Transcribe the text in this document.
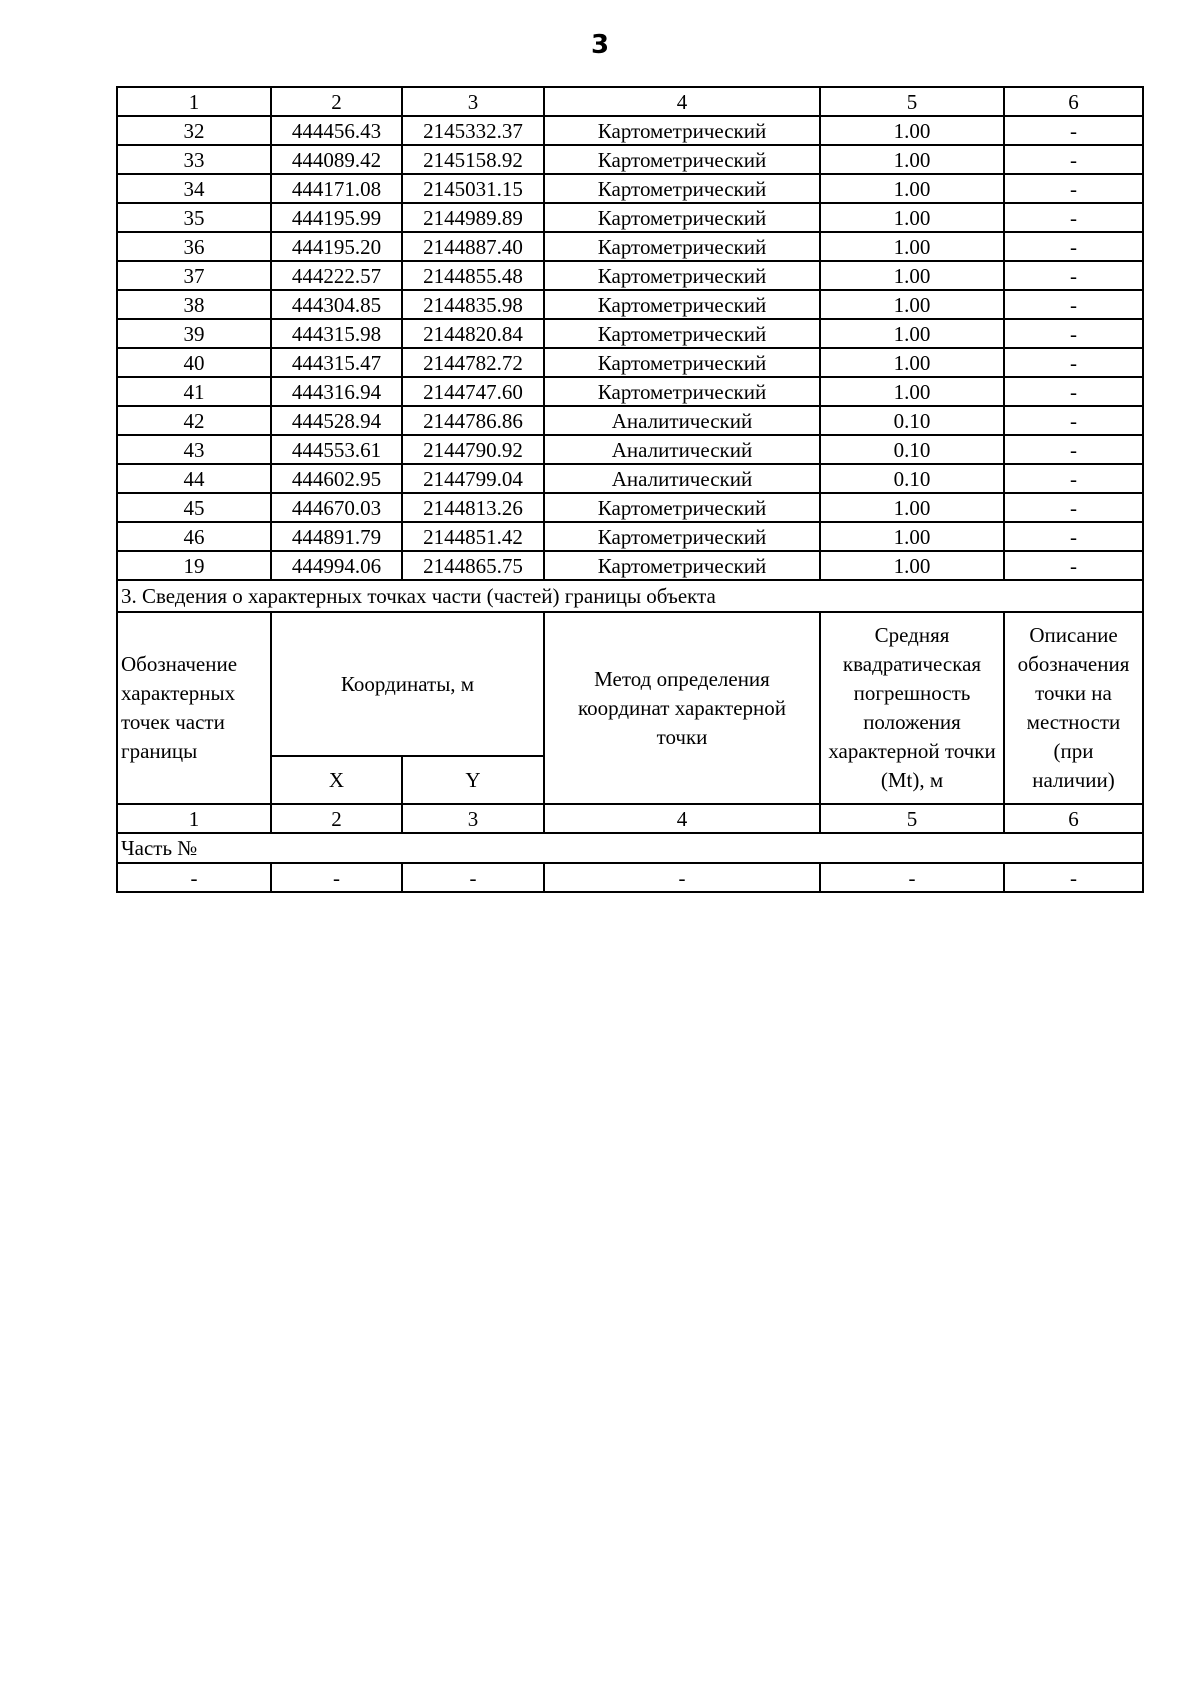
3
1	2	3	4	5	6
32	444456.43	2145332.37	Картометрический	1.00	-
33	444089.42	2145158.92	Картометрический	1.00	-
34	444171.08	2145031.15	Картометрический	1.00	-
35	444195.99	2144989.89	Картометрический	1.00	-
36	444195.20	2144887.40	Картометрический	1.00	-
37	444222.57	2144855.48	Картометрический	1.00	-
38	444304.85	2144835.98	Картометрический	1.00	-
39	444315.98	2144820.84	Картометрический	1.00	-
40	444315.47	2144782.72	Картометрический	1.00	-
41	444316.94	2144747.60	Картометрический	1.00	-
42	444528.94	2144786.86	Аналитический	0.10	-
43	444553.61	2144790.92	Аналитический	0.10	-
44	444602.95	2144799.04	Аналитический	0.10	-
45	444670.03	2144813.26	Картометрический	1.00	-
46	444891.79	2144851.42	Картометрический	1.00	-
19	444994.06	2144865.75	Картометрический	1.00	-
3. Сведения о характерных точках части (частей) границы объекта					

Обозначение
характерных
точек части
границы	Координаты, м		Метод определения координат характерной точки	Средняя квадратическая погрешность положения характерной точки (Mt), м	Описание обозначения точки на местности (при наличии)
	X	Y			
1	2	3	4	5	6
Часть №					
-	-	-	-	-	-
